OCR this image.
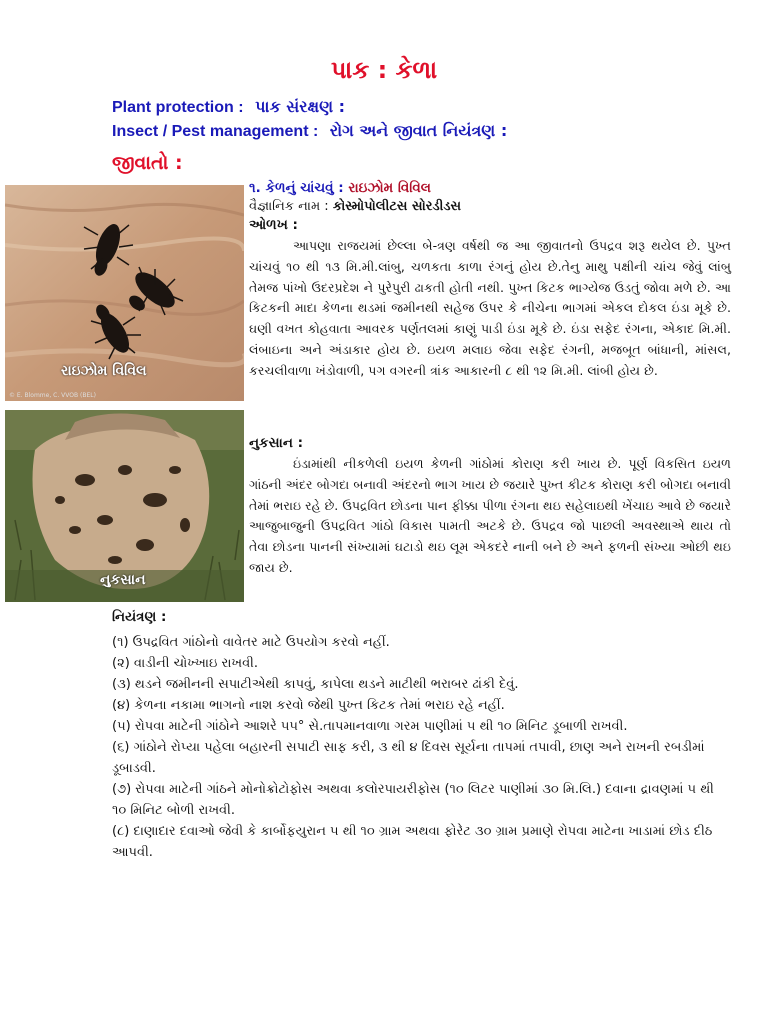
પાક : કેળા
Plant protection : પાક સંરક્ષણ :
Insect / Pest management : રોગ અને જીવાત નિયંત્રણ :
જીવાતો :
રાઇઝોમ વિવિલ
© E. Blomme, C. VVOB (BEL)
નુકસાન
૧. કેળનું ચાંચવું : રાઇઝોમ વિવિલ
વૈજ્ઞાનિક નામ : કોસ્મોપોલીટસ સોરડીડસ
ઓળખ :

આપણા રાજયમાં છેલ્લા બે-ત્રણ વર્ષથી જ આ જીવાતનો ઉપદ્રવ શરૂ થયેલ છે. પુખ્ત ચાંચવું ૧૦ થી ૧૩ મિ.મી.લાંબુ, ચળકતા કાળા રંગનું હોય છે.તેનુ માથુ પક્ષીની ચાંચ જેવું લાંબુ તેમજ પાંખો ઉદરપ્રદેશ ને પુરેપુરી ઢાકતી હોતી નથી. પુખ્ત કિટક ભાગ્યેજ ઉડતું જોવા મળે છે. આ કિટકની માદા કેળના થડમાં જમીનથી સહેજ ઉપર કે નીચેના ભાગમાં એકલ દોકલ ઇંડા મૂકે છે. ઘણી વખત કોહવાતા આવરક પર્ણતલમાં કાણું પાડી ઇંડા મૂકે છે. ઇંડા સફેદ રંગના, એકાદ મિ.મી. લંબાઇના અને અંડાકાર હોય છે. ઇયળ મલાઇ જેવા સફેદ રંગની, મજબૂત બાંધાની, માંસલ, કરચલીવાળા ખંડોવાળી, પગ વગરની ત્રાંક આકારની ૮ થી ૧૨ મિ.મી. લાંબી હોય છે.

નુકસાન :

ઇંડામાંથી નીકળેલી ઇયળ કેળની ગાંઠોમાં કોરાણ કરી ખાય છે. પૂર્ણ વિકસિત ઇયળ ગાંઠની અંદર બોગદા બનાવી અંદરનો ભાગ ખાય છે જયારે પુખ્ત કીટક કોરાણ કરી બોગદા બનાવી તેમાં ભરાઇ રહે છે. ઉપદ્રવિત છોડના પાન ફીક્કા પીળા રંગના થઇ સહેલાઇથી ખેંચાઇ આવે છે જયારે આજુબાજુની ઉપદ્રવિત ગાંઠો વિકાસ પામતી અટકે છે. ઉપદ્રવ જો પાછલી અવસ્થાએ થાય તો તેવા છોડના પાનની સંખ્યામાં ઘટાડો થઇ લૂમ એકદરે નાની બને છે અને ફળની સંખ્યા ઓછી થઇ જાય છે.

નિયંત્રણ :
(૧) ઉપદ્રવિત ગાંઠોનો વાવેતર માટે ઉપયોગ કરવો નહીં.
(૨) વાડીની ચોખ્ખાઇ રાખવી.
(૩) થડને જમીનની સપાટીએથી કાપવું, કાપેલા થડને માટીથી ભરાબર ઢાંકી દેવું.
(૪) કેળના નકામા ભાગનો નાશ કરવો જેથી પુખ્ત કિટક તેમાં ભરાઇ રહે નહીં.
(૫) રોપવા માટેની ગાંઠોને આશરે ૫૫° સે.તાપમાનવાળા ગરમ પાણીમાં ૫ થી ૧૦ મિનિટ ડૂબાળી રાખવી.
(૬) ગાંઠોને રોપ્યા પહેલા બહારની સપાટી સાફ કરી, ૩ થી ૪ દિવસ સૂર્યના તાપમાં તપાવી, છાણ અને રાખની રબડીમાં ડૂબાડવી.
(૭) રોપવા માટેની ગાંઠને મોનોક્રોટોફોસ અથવા કલોરપાયરીફોસ (૧૦ લિટર પાણીમાં ૩૦ મિ.લિ.) દવાના દ્રાવણમાં ૫ થી ૧૦ મિનિટ બોળી રાખવી.
(૮) દાણાદાર દવાઓ જેવી કે કાર્બોફયુરાન ૫ થી ૧૦ ગ્રામ અથવા ફોરેટ ૩૦ ગ્રામ પ્રમાણે રોપવા માટેના ખાડામાં છોડ દીઠ આપવી.
